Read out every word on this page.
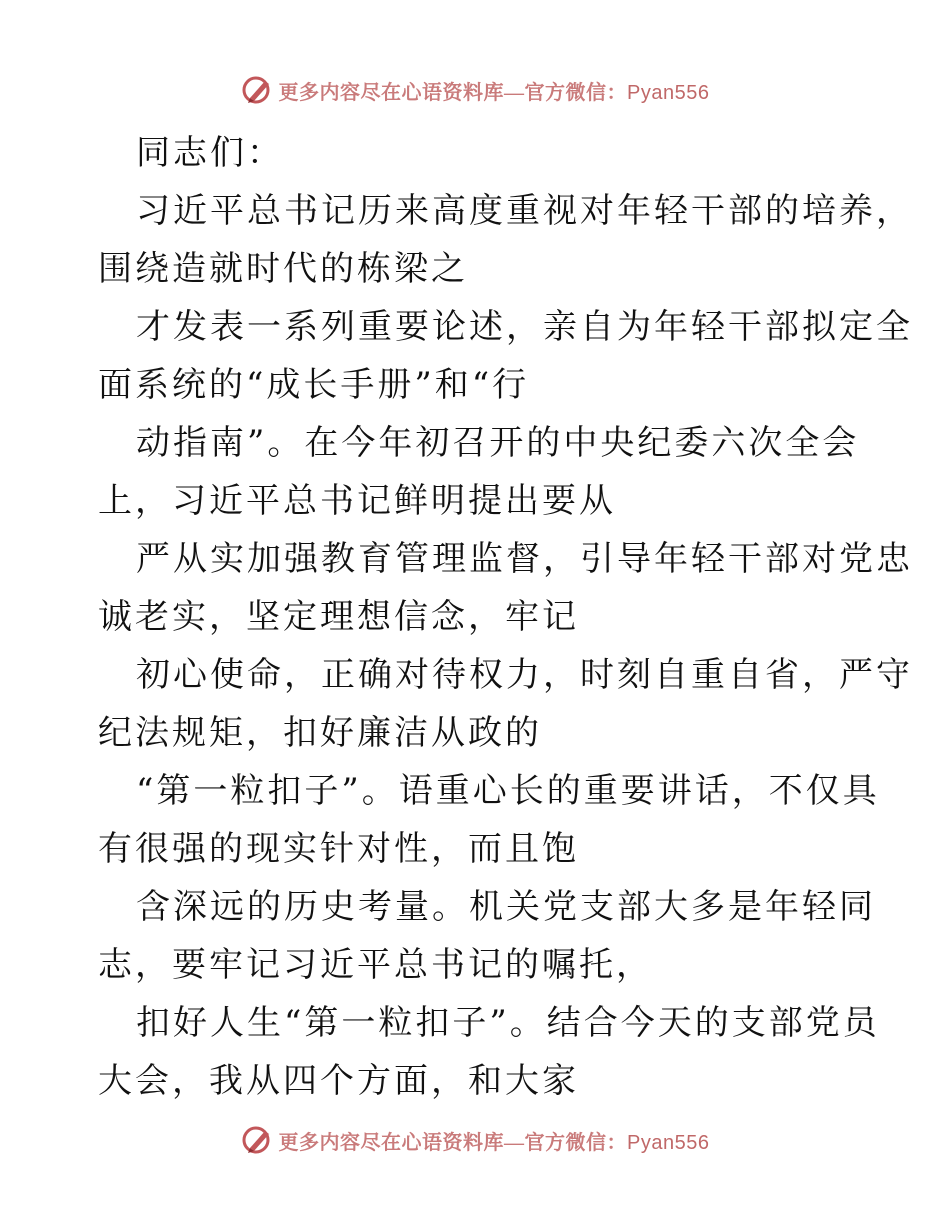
更多内容尽在心语资料库—官方微信：Pyan556
同志们：
习近平总书记历来高度重视对年轻干部的培养，
围绕造就时代的栋梁之
才发表一系列重要论述，亲自为年轻干部拟定全
面系统的“成长手册”和“行
动指南”。在今年初召开的中央纪委六次全会
上，习近平总书记鲜明提出要从
严从实加强教育管理监督，引导年轻干部对党忠
诚老实，坚定理想信念，牢记
初心使命，正确对待权力，时刻自重自省，严守
纪法规矩，扣好廉洁从政的
“第一粒扣子”。语重心长的重要讲话，不仅具
有很强的现实针对性，而且饱
含深远的历史考量。机关党支部大多是年轻同
志，要牢记习近平总书记的嘱托，
扣好人生“第一粒扣子”。结合今天的支部党员
大会，我从四个方面，和大家
更多内容尽在心语资料库—官方微信：Pyan556
